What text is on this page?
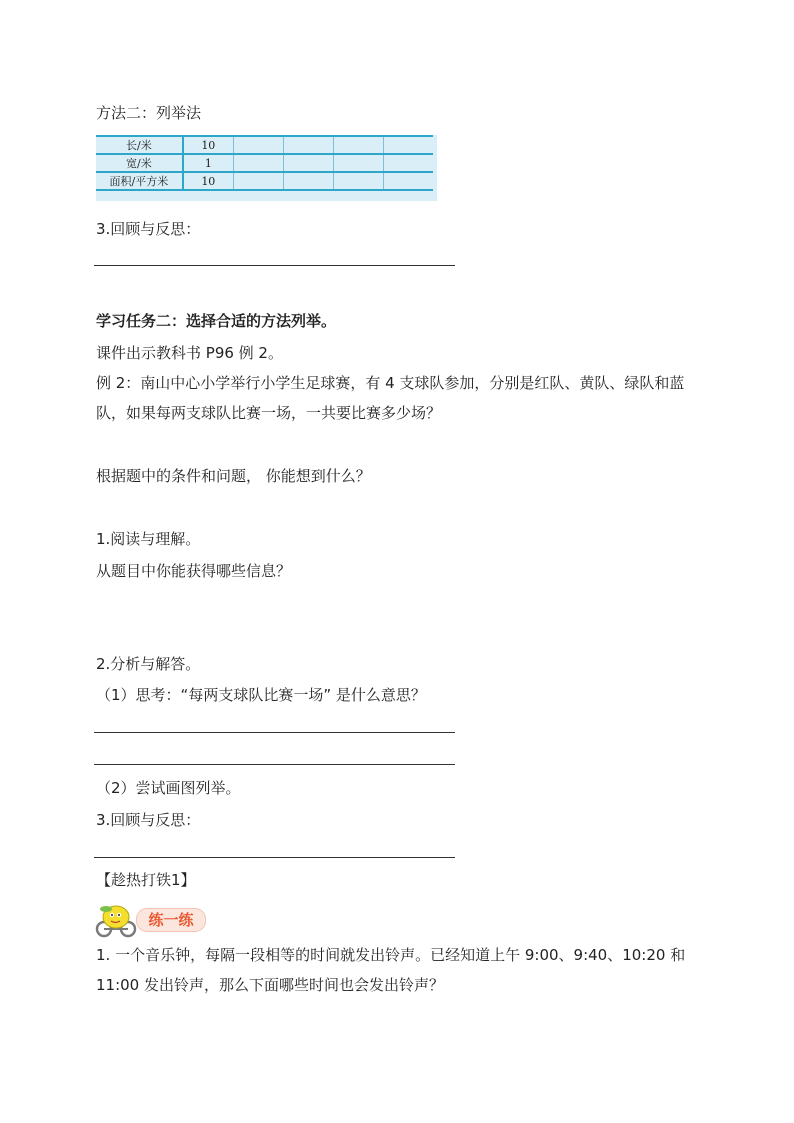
方法二：列举法
长/米	10				
宽/米	1				
面积/平方米	10				
3.回顾与反思：
学习任务二：选择合适的方法列举。
课件出示教科书 P96 例 2。
例 2：南山中心小学举行小学生足球赛，有 4 支球队参加，分别是红队、黄队、绿队和蓝队，如果每两支球队比赛一场，一共要比赛多少场？
根据题中的条件和问题， 你能想到什么？
1.阅读与理解。
从题目中你能获得哪些信息？
2.分析与解答。
（1）思考：“每两支球队比赛一场” 是什么意思？
（2）尝试画图列举。
3.回顾与反思：
【趁热打铁1】
练一练
1. 一个音乐钟，每隔一段相等的时间就发出铃声。已经知道上午 9:00、9:40、10:20 和 11:00 发出铃声，那么下面哪些时间也会发出铃声？
